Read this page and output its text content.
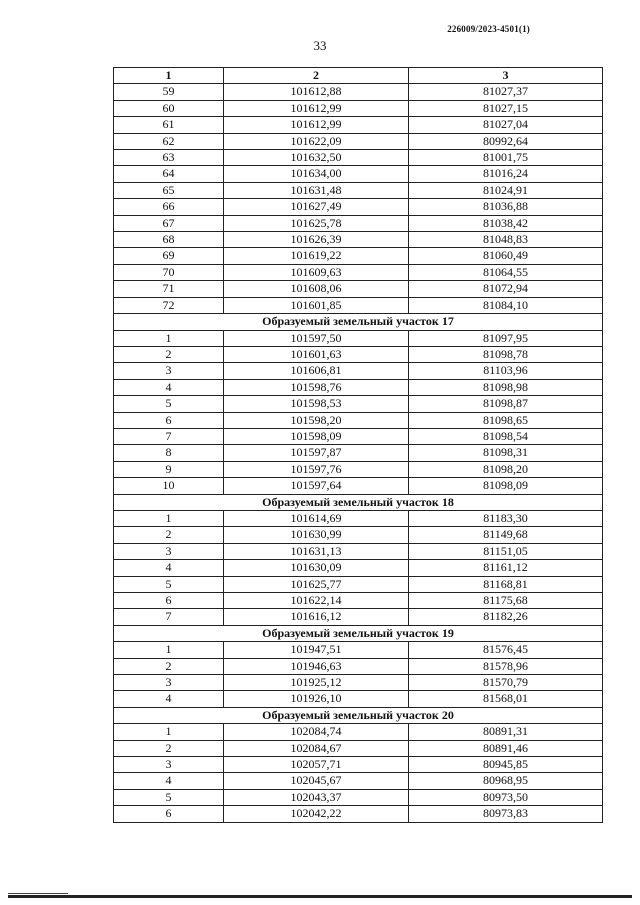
226009/2023-4501(1)
33
1	2	3
59	101612,88	81027,37
60	101612,99	81027,15
61	101612,99	81027,04
62	101622,09	80992,64
63	101632,50	81001,75
64	101634,00	81016,24
65	101631,48	81024,91
66	101627,49	81036,88
67	101625,78	81038,42
68	101626,39	81048,83
69	101619,22	81060,49
70	101609,63	81064,55
71	101608,06	81072,94
72	101601,85	81084,10
Образуемый земельный участок 17		
1	101597,50	81097,95
2	101601,63	81098,78
3	101606,81	81103,96
4	101598,76	81098,98
5	101598,53	81098,87
6	101598,20	81098,65
7	101598,09	81098,54
8	101597,87	81098,31
9	101597,76	81098,20
10	101597,64	81098,09
Образуемый земельный участок 18		
1	101614,69	81183,30
2	101630,99	81149,68
3	101631,13	81151,05
4	101630,09	81161,12
5	101625,77	81168,81
6	101622,14	81175,68
7	101616,12	81182,26
Образуемый земельный участок 19		
1	101947,51	81576,45
2	101946,63	81578,96
3	101925,12	81570,79
4	101926,10	81568,01
Образуемый земельный участок 20		
1	102084,74	80891,31
2	102084,67	80891,46
3	102057,71	80945,85
4	102045,67	80968,95
5	102043,37	80973,50
6	102042,22	80973,83
